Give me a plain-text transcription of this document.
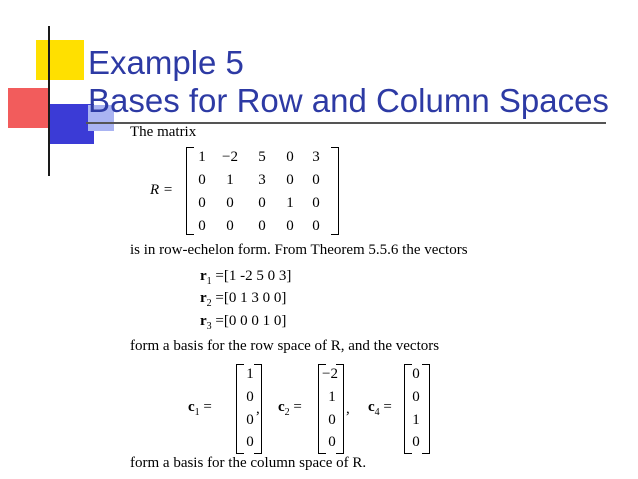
Example 5
Bases for Row and Column Spaces
The matrix
R =
1	−2	5	0	3
0	1	3	0	0
0	0	0	1	0
0	0	0	0	0
is in row-echelon form. From Theorem 5.5.6 the vectors
$r_1 =[1$ -2 5 0 3]
$r_2 =[0$ 1 3 0 0]
$r_3 =[0$ 0 0 1 0]
form a basis for the row space of R, and the vectors
$c_1$ =
1
0
0
0
, $c_2$ =
−2
1
0
0
, $c_4$ =
0
0
1
0
form a basis for the column space of R.
